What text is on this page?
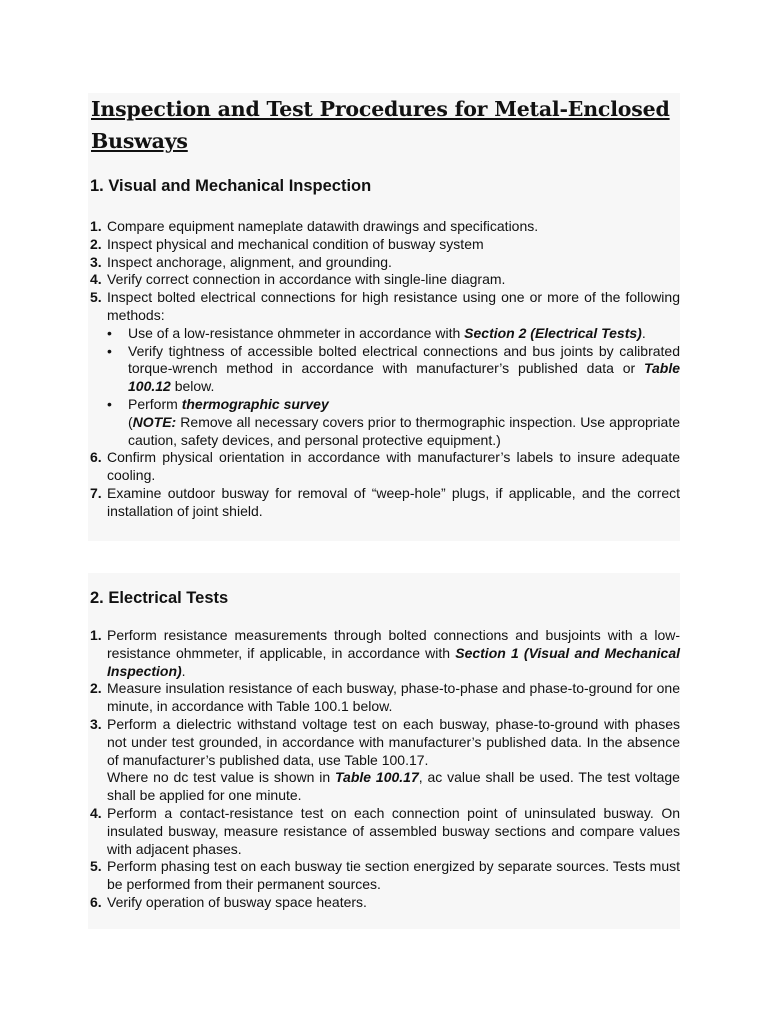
Inspection and Test Procedures for Metal-Enclosed Busways
1. Visual and Mechanical Inspection
1. Compare equipment nameplate datawith drawings and specifications.
2. Inspect physical and mechanical condition of busway system
3. Inspect anchorage, alignment, and grounding.
4. Verify correct connection in accordance with single-line diagram.
5. Inspect bolted electrical connections for high resistance using one or more of the following methods:
• Use of a low-resistance ohmmeter in accordance with Section 2 (Electrical Tests).
• Verify tightness of accessible bolted electrical connections and bus joints by calibrated torque-wrench method in accordance with manufacturer’s published data or Table 100.12 below.
• Perform thermographic survey
(NOTE: Remove all necessary covers prior to thermographic inspection. Use appropriate caution, safety devices, and personal protective equipment.)
6. Confirm physical orientation in accordance with manufacturer’s labels to insure adequate cooling.
7. Examine outdoor busway for removal of “weep-hole” plugs, if applicable, and the correct installation of joint shield.
2. Electrical Tests
1. Perform resistance measurements through bolted connections and busjoints with a low-resistance ohmmeter, if applicable, in accordance with Section 1 (Visual and Mechanical Inspection).
2. Measure insulation resistance of each busway, phase-to-phase and phase-to-ground for one minute, in accordance with Table 100.1 below.
3. Perform a dielectric withstand voltage test on each busway, phase-to-ground with phases not under test grounded, in accordance with manufacturer’s published data. In the absence of manufacturer’s published data, use Table 100.17.
Where no dc test value is shown in Table 100.17, ac value shall be used. The test voltage shall be applied for one minute.
4. Perform a contact-resistance test on each connection point of uninsulated busway. On insulated busway, measure resistance of assembled busway sections and compare values with adjacent phases.
5. Perform phasing test on each busway tie section energized by separate sources. Tests must be performed from their permanent sources.
6. Verify operation of busway space heaters.
